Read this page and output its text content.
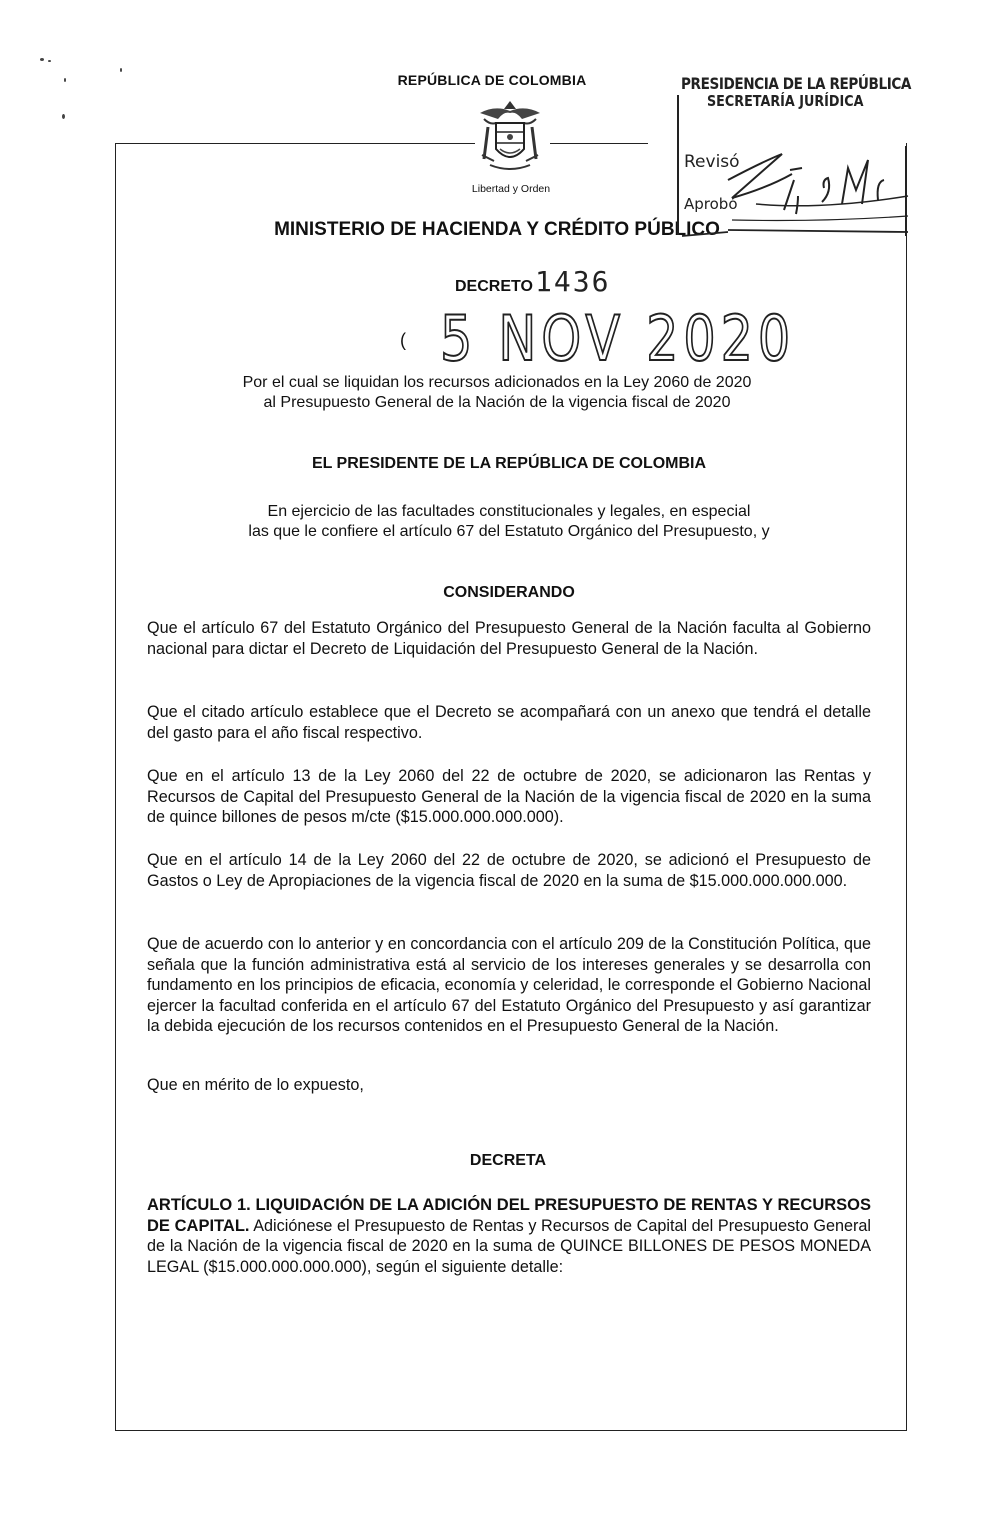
REPÚBLICA DE COLOMBIA
Libertad y Orden
MINISTERIO DE HACIENDA Y CRÉDITO PÚBLICO
PRESIDENCIA DE LA REPÚBLICA
SECRETARÍA JURÍDICA
Revisó
Aprobó
DECRETO 1436
( 5 NOV 2020
Por el cual se liquidan los recursos adicionados en la Ley 2060 de 2020
al Presupuesto General de la Nación de la vigencia fiscal de 2020
EL PRESIDENTE DE LA REPÚBLICA DE COLOMBIA
En ejercicio de las facultades constitucionales y legales, en especial
las que le confiere el artículo 67 del Estatuto Orgánico del Presupuesto, y
CONSIDERANDO

Que el artículo 67 del Estatuto Orgánico del Presupuesto General de la Nación faculta al Gobierno nacional para dictar el Decreto de Liquidación del Presupuesto General de la Nación.

Que el citado artículo establece que el Decreto se acompañará con un anexo que tendrá el detalle del gasto para el año fiscal respectivo.

Que en el artículo 13 de la Ley 2060 del 22 de octubre de 2020, se adicionaron las Rentas y Recursos de Capital del Presupuesto General de la Nación de la vigencia fiscal de 2020 en la suma de quince billones de pesos m/cte ($15.000.000.000.000).

Que en el artículo 14 de la Ley 2060 del 22 de octubre de 2020, se adicionó el Presupuesto de Gastos o Ley de Apropiaciones de la vigencia fiscal de 2020 en la suma de $15.000.000.000.000.

Que de acuerdo con lo anterior y en concordancia con el artículo 209 de la Constitución Política, que señala que la función administrativa está al servicio de los intereses generales y se desarrolla con fundamento en los principios de eficacia, economía y celeridad, le corresponde el Gobierno Nacional ejercer la facultad conferida en el artículo 67 del Estatuto Orgánico del Presupuesto y así garantizar la debida ejecución de los recursos contenidos en el Presupuesto General de la Nación.

Que en mérito de lo expuesto,

DECRETA

ARTÍCULO 1. LIQUIDACIÓN DE LA ADICIÓN DEL PRESUPUESTO DE RENTAS Y RECURSOS DE CAPITAL. Adiciónese el Presupuesto de Rentas y Recursos de Capital del Presupuesto General de la Nación de la vigencia fiscal de 2020 en la suma de QUINCE BILLONES DE PESOS MONEDA LEGAL ($15.000.000.000.000), según el siguiente detalle:
